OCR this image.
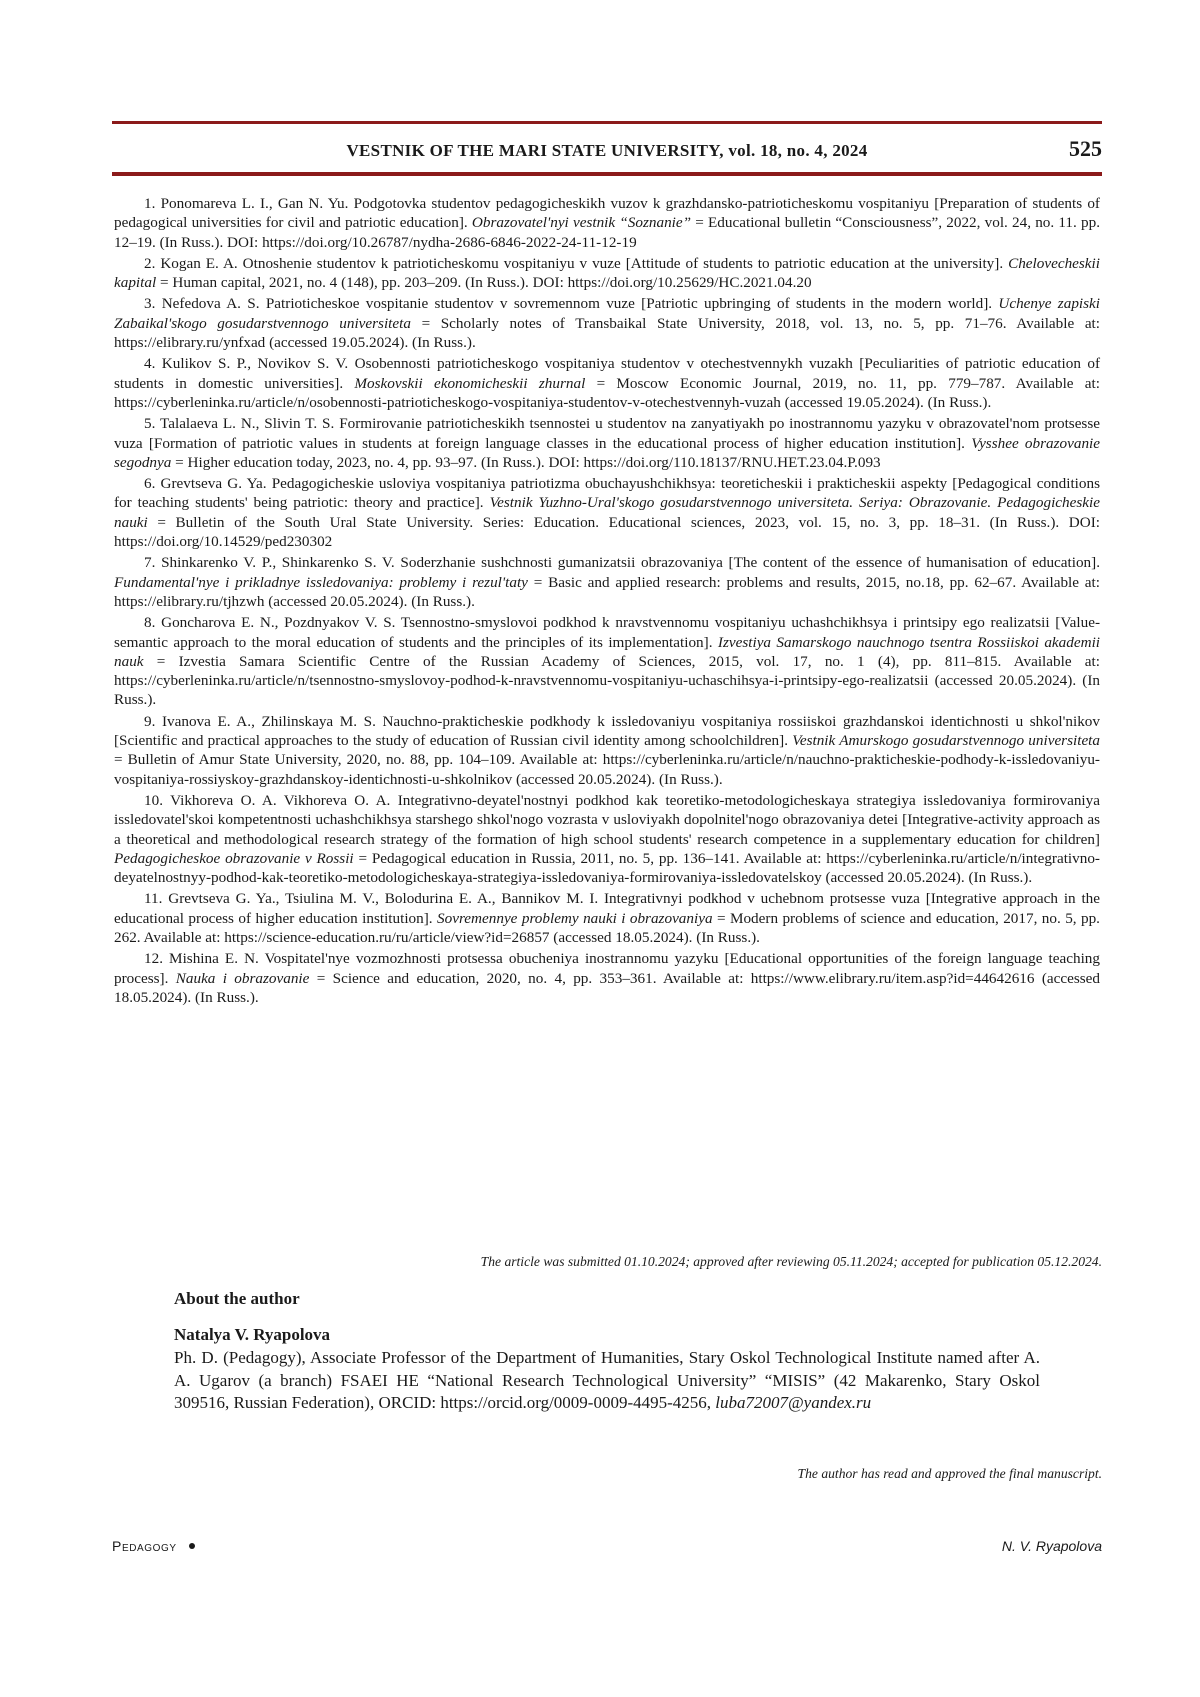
VESTNIK OF THE MARI STATE UNIVERSITY, vol. 18, no. 4, 2024	525
1. Ponomareva L. I., Gan N. Yu. Podgotovka studentov pedagogicheskikh vuzov k grazhdansko-patrioticheskomu vospitaniyu [Preparation of students of pedagogical universities for civil and patriotic education]. Obrazovatel'nyi vestnik “Soznanie” = Educational bulletin “Consciousness”, 2022, vol. 24, no. 11. pp. 12–19. (In Russ.). DOI: https://doi.org/10.26787/nydha-2686-6846-2022-24-11-12-19
2. Kogan E. A. Otnoshenie studentov k patrioticheskomu vospitaniyu v vuze [Attitude of students to patriotic education at the university]. Chelovecheskii kapital = Human capital, 2021, no. 4 (148), pp. 203–209. (In Russ.). DOI: https://doi.org/10.25629/HC.2021.04.20
3. Nefedova A. S. Patrioticheskoe vospitanie studentov v sovremennom vuze [Patriotic upbringing of students in the modern world]. Uchenye zapiski Zabaikal'skogo gosudarstvennogo universiteta = Scholarly notes of Transbaikal State University, 2018, vol. 13, no. 5, pp. 71–76. Available at: https://elibrary.ru/ynfxad (accessed 19.05.2024). (In Russ.).
4. Kulikov S. P., Novikov S. V. Osobennosti patrioticheskogo vospitaniya studentov v otechestvennykh vuzakh [Peculiarities of patriotic education of students in domestic universities]. Moskovskii ekonomicheskii zhurnal = Moscow Economic Journal, 2019, no. 11, pp. 779–787. Available at: https://cyberleninka.ru/article/n/osobennosti-patrioticheskogo-vospitaniya-studentov-v-otechestvennyh-vuzah (accessed 19.05.2024). (In Russ.).
5. Talalaeva L. N., Slivin T. S. Formirovanie patrioticheskikh tsennostei u studentov na zanyatiyakh po inostrannomu yazyku v obrazovatel'nom protsesse vuza [Formation of patriotic values in students at foreign language classes in the educational process of higher education institution]. Vysshee obrazovanie segodnya = Higher education today, 2023, no. 4, pp. 93–97. (In Russ.). DOI: https://doi.org/110.18137/RNU.HET.23.04.P.093
6. Grevtseva G. Ya. Pedagogicheskie usloviya vospitaniya patriotizma obuchayushchikhsya: teoreticheskii i prakticheskii aspekty [Pedagogical conditions for teaching students' being patriotic: theory and practice]. Vestnik Yuzhno-Ural'skogo gosudarstvennogo universiteta. Seriya: Obrazovanie. Pedagogicheskie nauki = Bulletin of the South Ural State University. Series: Education. Educational sciences, 2023, vol. 15, no. 3, pp. 18–31. (In Russ.). DOI: https://doi.org/10.14529/ped230302
7. Shinkarenko V. P., Shinkarenko S. V. Soderzhanie sushchnosti gumanizatsii obrazovaniya [The content of the essence of humanisation of education]. Fundamental'nye i prikladnye issledovaniya: problemy i rezul'taty = Basic and applied research: problems and results, 2015, no.18, pp. 62–67. Available at: https://elibrary.ru/tjhzwh (accessed 20.05.2024). (In Russ.).
8. Goncharova E. N., Pozdnyakov V. S. Tsennostno-smyslovoi podkhod k nravstvennomu vospitaniyu uchashchikhsya i printsipy ego realizatsii [Value-semantic approach to the moral education of students and the principles of its implementation]. Izvestiya Samarskogo nauchnogo tsentra Rossiiskoi akademii nauk = Izvestia Samara Scientific Centre of the Russian Academy of Sciences, 2015, vol. 17, no. 1 (4), pp. 811–815. Available at: https://cyberleninka.ru/article/n/tsennostno-smyslovoy-podhod-k-nravstvennomu-vospitaniyu-uchaschihsya-i-printsipy-ego-realizatsii (accessed 20.05.2024). (In Russ.).
9. Ivanova E. A., Zhilinskaya M. S. Nauchno-prakticheskie podkhody k issledovaniyu vospitaniya rossiiskoi grazhdanskoi identichnosti u shkol'nikov [Scientific and practical approaches to the study of education of Russian civil identity among schoolchildren]. Vestnik Amurskogo gosudarstvennogo universiteta = Bulletin of Amur State University, 2020, no. 88, pp. 104–109. Available at: https://cyberleninka.ru/article/n/nauchno-prakticheskie-podhody-k-issledovaniyu-vospitaniya-rossiyskoy-grazhdanskoy-identichnosti-u-shkolnikov (accessed 20.05.2024). (In Russ.).
10. Vikhoreva O. A. Vikhoreva O. A. Integrativno-deyatel'nostnyi podkhod kak teoretiko-metodologicheskaya strategiya issledovaniya formirovaniya issledovatel'skoi kompetentnosti uchashchikhsya starshego shkol'nogo vozrasta v usloviyakh dopolnitel'nogo obrazovaniya detei [Integrative-activity approach as a theoretical and methodological research strategy of the formation of high school students' research competence in a supplementary education for children] Pedagogicheskoe obrazovanie v Rossii = Pedagogical education in Russia, 2011, no. 5, pp. 136–141. Available at: https://cyberleninka.ru/article/n/integrativno-deyatelnostnyy-podhod-kak-teoretiko-metodologicheskaya-strategiya-issledovaniya-formirovaniya-issledovatelskoy (accessed 20.05.2024). (In Russ.).
11. Grevtseva G. Ya., Tsiulina M. V., Bolodurina E. A., Bannikov M. I. Integrativnyi podkhod v uchebnom protsesse vuza [Integrative approach in the educational process of higher education institution]. Sovremennye problemy nauki i obrazovaniya = Modern problems of science and education, 2017, no. 5, pp. 262. Available at: https://science-education.ru/ru/article/view?id=26857 (accessed 18.05.2024). (In Russ.).
12. Mishina E. N. Vospitatel'nye vozmozhnosti protsessa obucheniya inostrannomu yazyku [Educational opportunities of the foreign language teaching process]. Nauka i obrazovanie = Science and education, 2020, no. 4, pp. 353–361. Available at: https://www.elibrary.ru/item.asp?id=44642616 (accessed 18.05.2024). (In Russ.).
The article was submitted 01.10.2024; approved after reviewing 05.11.2024; accepted for publication 05.12.2024.
About the author
Natalya V. Ryapolova

Ph. D. (Pedagogy), Associate Professor of the Department of Humanities, Stary Oskol Technological Institute named after A. A. Ugarov (a branch) FSAEI HE “National Research Technological University” “MISIS” (42 Makarenko, Stary Oskol 309516, Russian Federation), ORCID: https://orcid.org/0009-0009-4495-4256, luba72007@yandex.ru

The author has read and approved the final manuscript.
Pedagogy	N. V. Ryapolova
